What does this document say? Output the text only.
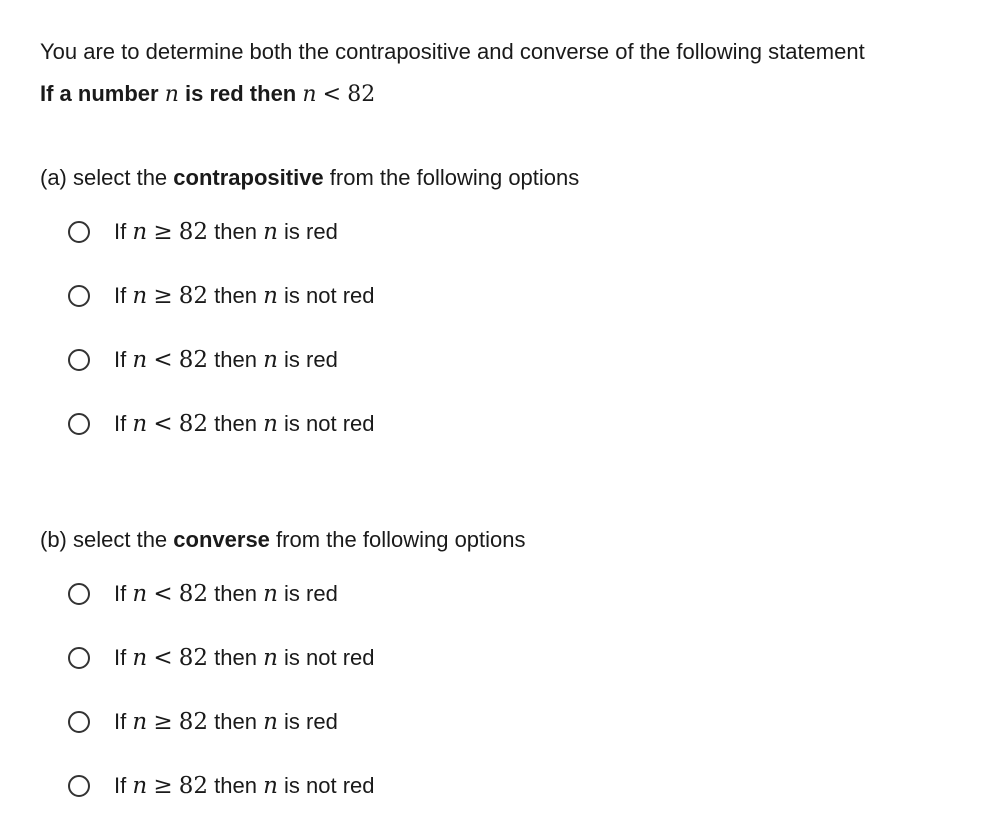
You are to determine both the contrapositive and converse of the following statement
If a number n is red then n < 82
(a) select the contrapositive from the following options
If n ≥ 82 then n is red
If n ≥ 82 then n is not red
If n < 82 then n is red
If n < 82 then n is not red
(b) select the converse from the following options
If n < 82 then n is red
If n < 82 then n is not red
If n ≥ 82 then n is red
If n ≥ 82 then n is not red
